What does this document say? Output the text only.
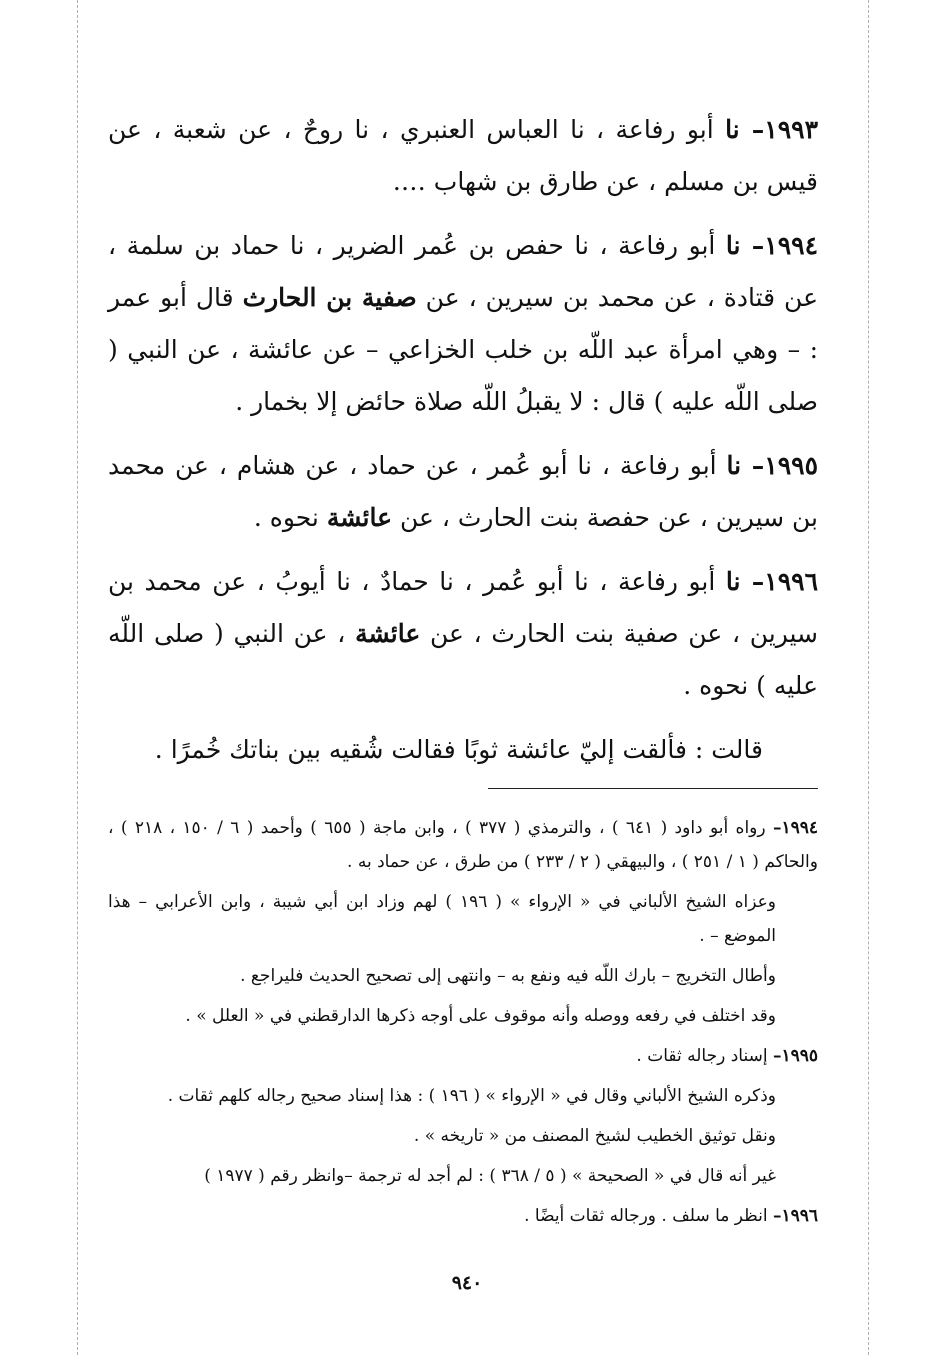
١٩٩٣– نا أبو رفاعة ، نا العباس العنبري ، نا روحٌ ، عن شعبة ، عن قيس بن مسلم ، عن طارق بن شهاب ….

١٩٩٤– نا أبو رفاعة ، نا حفص بن عُمر الضرير ، نا حماد بن سلمة ، عن قتادة ، عن محمد بن سيرين ، عن صفية بن الحارث قال أبو عمر : – وهي امرأة عبد اللّه بن خلب الخزاعي – عن عائشة ، عن النبي ( صلى اللّه عليه ) قال : لا يقبلُ اللّه صلاة حائض إلا بخمار .

١٩٩٥– نا أبو رفاعة ، نا أبو عُمر ، عن حماد ، عن هشام ، عن محمد بن سيرين ، عن حفصة بنت الحارث ، عن عائشة نحوه .

١٩٩٦– نا أبو رفاعة ، نا أبو عُمر ، نا حمادٌ ، نا أيوبُ ، عن محمد بن سيرين ، عن صفية بنت الحارث ، عن عائشة ، عن النبي ( صلى اللّه عليه ) نحوه .

قالت : فألقت إليّ عائشة ثوبًا فقالت شُقيه بين بناتك خُمرًا .

١٩٩٤– رواه أبو داود ( ٦٤١ ) ، والترمذي ( ٣٧٧ ) ، وابن ماجة ( ٦٥٥ ) وأحمد ( ٦ / ١٥٠ ، ٢١٨ ) ، والحاكم ( ١ / ٢٥١ ) ، والبيهقي ( ٢ / ٢٣٣ ) من طرق ، عن حماد به .

وعزاه الشيخ الألباني في « الإرواء » ( ١٩٦ ) لهم وزاد ابن أبي شيبة ، وابن الأعرابي – هذا الموضع – .

وأطال التخريج – بارك اللّه فيه ونفع به – وانتهى إلى تصحيح الحديث فليراجع .

وقد اختلف في رفعه ووصله وأنه موقوف على أوجه ذكرها الدارقطني في « العلل » .

١٩٩٥– إسناد رجاله ثقات .

وذكره الشيخ الألباني وقال في « الإرواء » ( ١٩٦ ) : هذا إسناد صحيح رجاله كلهم ثقات .

ونقل توثيق الخطيب لشيخ المصنف من « تاريخه » .

غير أنه قال في « الصحيحة » ( ٥ / ٣٦٨ ) : لم أجد له ترجمة –وانظر رقم ( ١٩٧٧ )

١٩٩٦– انظر ما سلف . ورجاله ثقات أيضًا .

٩٤٠
